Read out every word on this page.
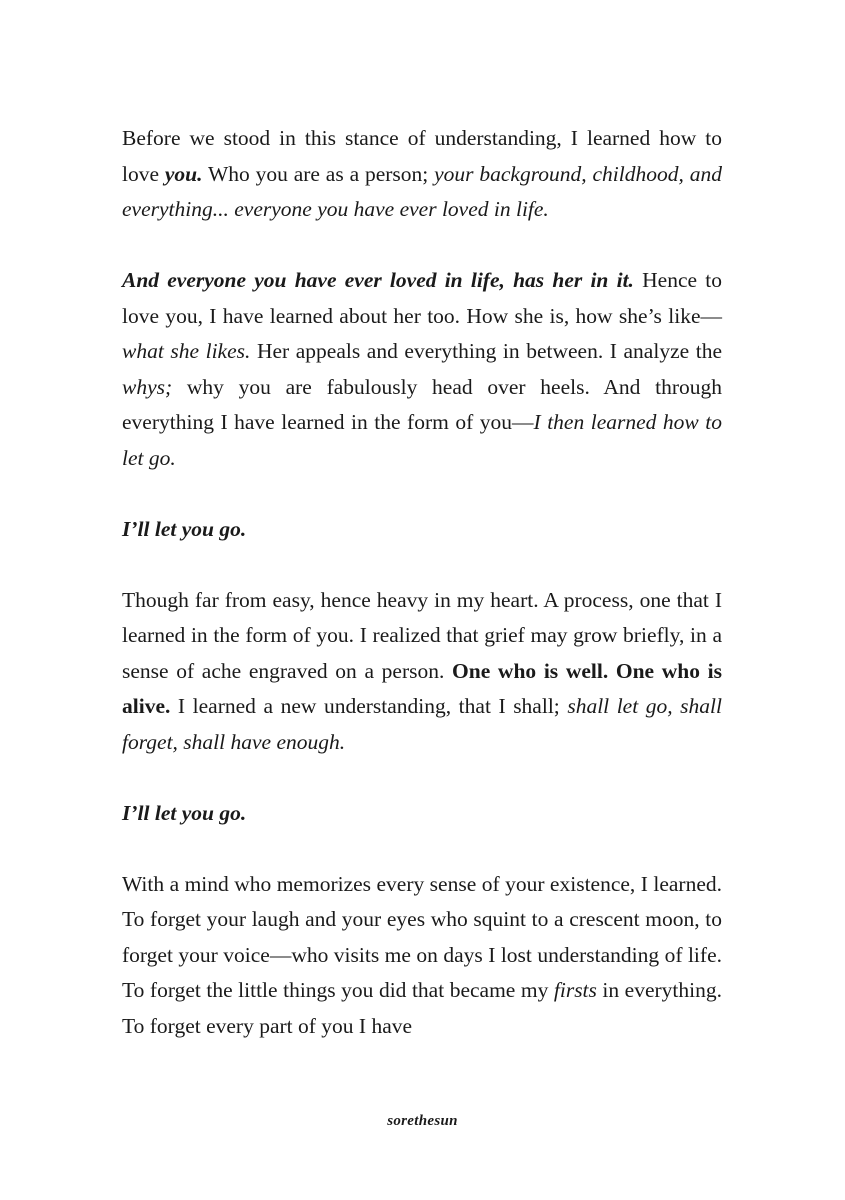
Before we stood in this stance of understanding, I learned how to love you. Who you are as a person; your background, childhood, and everything... everyone you have ever loved in life.

And everyone you have ever loved in life, has her in it. Hence to love you, I have learned about her too. How she is, how she’s like—what she likes. Her appeals and everything in between. I analyze the whys; why you are fabulously head over heels. And through everything I have learned in the form of you—I then learned how to let go.

I’ll let you go.

Though far from easy, hence heavy in my heart. A process, one that I learned in the form of you. I realized that grief may grow briefly, in a sense of ache engraved on a person. One who is well. One who is alive. I learned a new understanding, that I shall; shall let go, shall forget, shall have enough.

I’ll let you go.

With a mind who memorizes every sense of your existence, I learned. To forget your laugh and your eyes who squint to a crescent moon, to forget your voice—who visits me on days I lost understanding of life. To forget the little things you did that became my firsts in everything. To forget every part of you I have

sorethesun
